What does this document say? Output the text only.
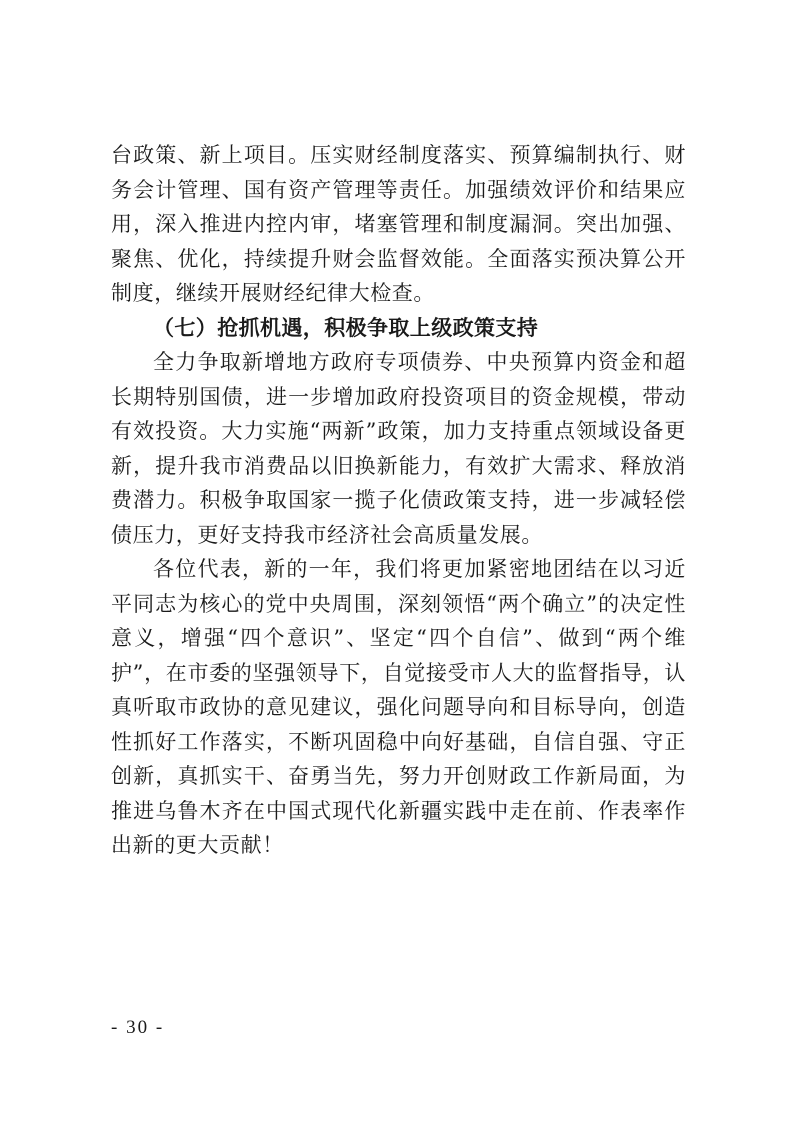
台政策、新上项目。压实财经制度落实、预算编制执行、财务会计管理、国有资产管理等责任。加强绩效评价和结果应用，深入推进内控内审，堵塞管理和制度漏洞。突出加强、聚焦、优化，持续提升财会监督效能。全面落实预决算公开制度，继续开展财经纪律大检查。

（七）抢抓机遇，积极争取上级政策支持

全力争取新增地方政府专项债券、中央预算内资金和超长期特别国债，进一步增加政府投资项目的资金规模，带动有效投资。大力实施“两新”政策，加力支持重点领域设备更新，提升我市消费品以旧换新能力，有效扩大需求、释放消费潜力。积极争取国家一揽子化债政策支持，进一步减轻偿债压力，更好支持我市经济社会高质量发展。

各位代表，新的一年，我们将更加紧密地团结在以习近平同志为核心的党中央周围，深刻领悟“两个确立”的决定性意义，增强“四个意识”、坚定“四个自信”、做到“两个维护”，在市委的坚强领导下，自觉接受市人大的监督指导，认真听取市政协的意见建议，强化问题导向和目标导向，创造性抓好工作落实，不断巩固稳中向好基础，自信自强、守正创新，真抓实干、奋勇当先，努力开创财政工作新局面，为推进乌鲁木齐在中国式现代化新疆实践中走在前、作表率作出新的更大贡献！

- 30 -
